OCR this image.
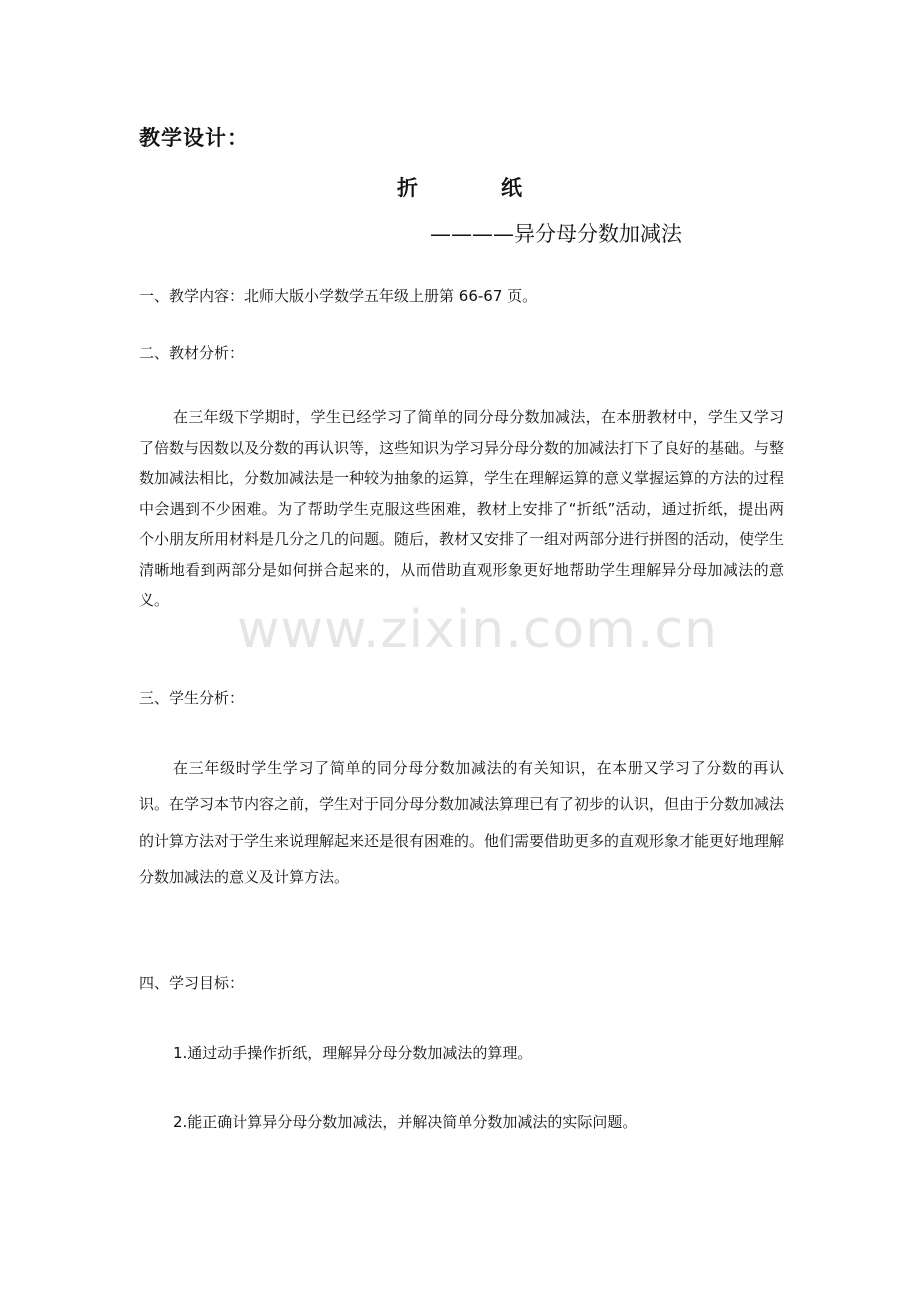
教学设计：
折	纸
————异分母分数加减法
一、教学内容：北师大版小学数学五年级上册第 66-67 页。
二、教材分析：
在三年级下学期时，学生已经学习了简单的同分母分数加减法，在本册教材中，学生又学习了倍数与因数以及分数的再认识等，这些知识为学习异分母分数的加减法打下了良好的基础。与整数加减法相比，分数加减法是一种较为抽象的运算，学生在理解运算的意义掌握运算的方法的过程中会遇到不少困难。为了帮助学生克服这些困难，教材上安排了“折纸”活动，通过折纸，提出两个小朋友所用材料是几分之几的问题。随后，教材又安排了一组对两部分进行拼图的活动，使学生清晰地看到两部分是如何拼合起来的，从而借助直观形象更好地帮助学生理解异分母加减法的意义。
三、学生分析：
在三年级时学生学习了简单的同分母分数加减法的有关知识，在本册又学习了分数的再认识。在学习本节内容之前，学生对于同分母分数加减法算理已有了初步的认识，但由于分数加减法的计算方法对于学生来说理解起来还是很有困难的。他们需要借助更多的直观形象才能更好地理解分数加减法的意义及计算方法。
四、学习目标：
1.通过动手操作折纸，理解异分母分数加减法的算理。
2.能正确计算异分母分数加减法，并解决简单分数加减法的实际问题。
www.zixin.com.cn
